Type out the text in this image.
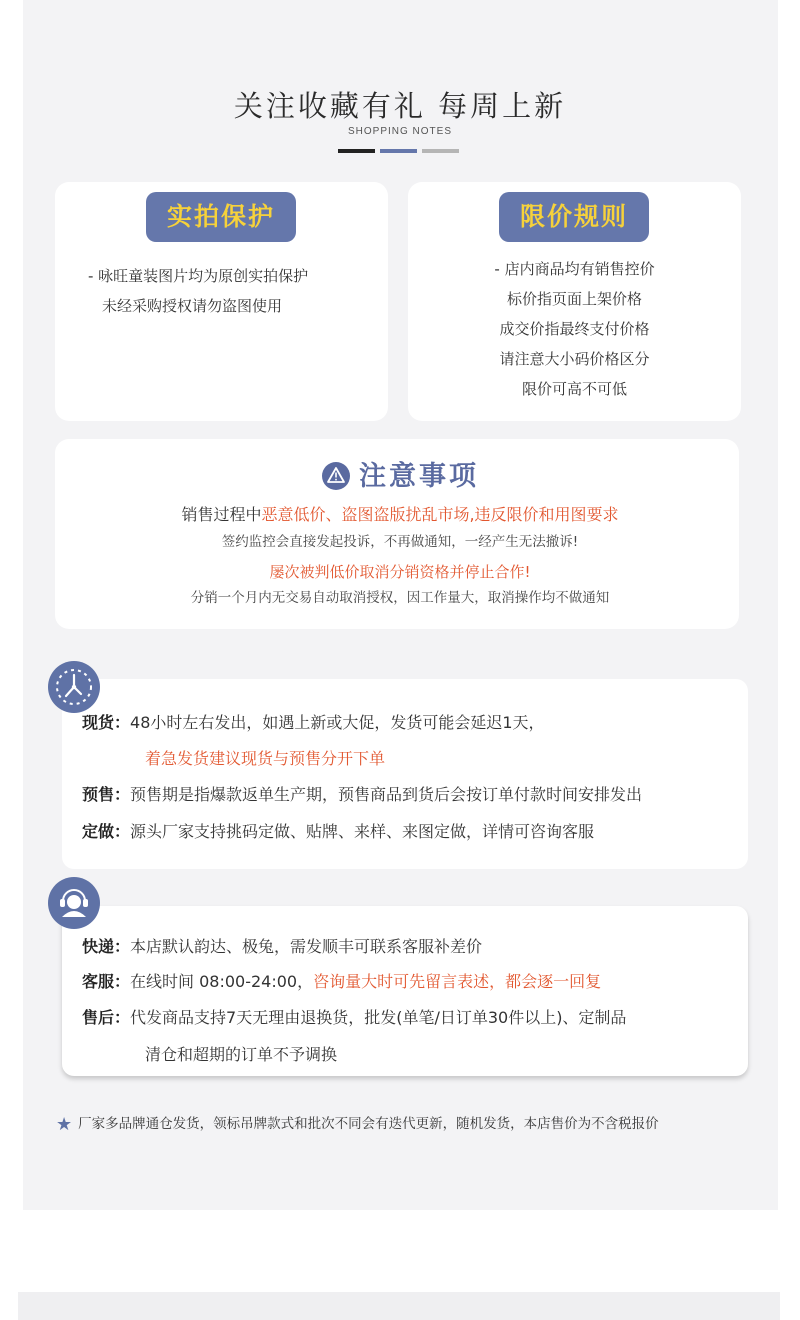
关注收藏有礼 每周上新
SHOPPING NOTES
实拍保护
- 咏旺童装图片均为原创实拍保护
未经采购授权请勿盗图使用
限价规则
- 店内商品均有销售控价
标价指页面上架价格
成交价指最终支付价格
请注意大小码价格区分
限价可高不可低
注意事项
销售过程中恶意低价、盗图盗版扰乱市场,违反限价和用图要求
签约监控会直接发起投诉，不再做通知，一经产生无法撤诉!
屡次被判低价取消分销资格并停止合作!
分销一个月内无交易自动取消授权，因工作量大，取消操作均不做通知
现货：48小时左右发出，如遇上新或大促，发货可能会延迟1天，
着急发货建议现货与预售分开下单
预售：预售期是指爆款返单生产期，预售商品到货后会按订单付款时间安排发出
定做：源头厂家支持挑码定做、贴牌、来样、来图定做，详情可咨询客服
快递：本店默认韵达、极兔，需发顺丰可联系客服补差价
客服：在线时间 08:00-24:00，咨询量大时可先留言表述，都会逐一回复
售后：代发商品支持7天无理由退换货，批发(单笔/日订单30件以上)、定制品
清仓和超期的订单不予调换
★ 厂家多品牌通仓发货，领标吊牌款式和批次不同会有迭代更新，随机发货，本店售价为不含税报价
